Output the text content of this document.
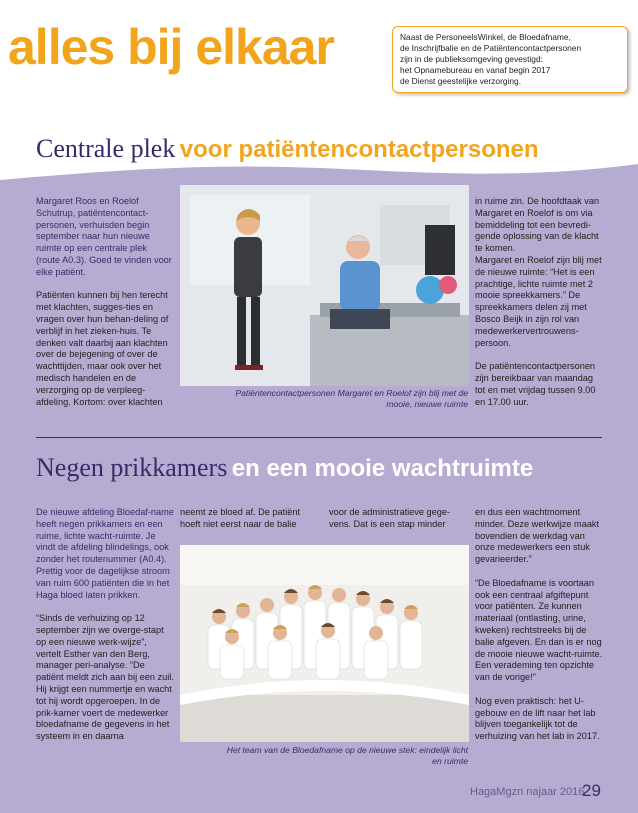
alles bij elkaar	Naast de PersoneelsWinkel, de Bloedafname,
de Inschrijfbalie en de Patiëntencontactpersonen
zijn in de publieksomgeving gevestigd:
het Opnamebureau en vanaf begin 2017
de Dienst geestelijke verzorging.
Centrale plek voor patiëntencontactpersonen

Margaret Roos en Roelof Schutrup, patiëntencontact-personen, verhuisden begin september naar hun nieuwe ruimte op een centrale plek (route A0.3). Goed te vinden voor elke patiënt.

Patiënten kunnen bij hen terecht met klachten, sugges-ties en vragen over hun behan-deling of verblijf in het zieken-huis. Te denken valt daarbij aan klachten over de bejegening of over de wachttijden, maar ook over het medisch handelen en de verzorging op de verpleeg-afdeling. Kortom: over klachten

Patiëntencontactpersonen Margaret en Roelof zijn blij met de mooie, nieuwe ruimte

in ruime zin. De hoofdtaak van Margaret en Roelof is om via bemiddeling tot een bevredi-gende oplossing van de klacht te komen.

Margaret en Roelof zijn blij met de nieuwe ruimte: “Het is een prachtige, lichte ruimte met 2 mooie spreekkamers.” De spreekkamers delen zij met Bosco Beijk in zijn rol van medewerkervertrouwens-persoon.

De patiëntencontactpersonen zijn bereikbaar van maandag tot en met vrijdag tussen 9.00 en 17.00 uur.

Negen prikkamers en een mooie wachtruimte

De nieuwe afdeling Bloedaf-name heeft negen prikkamers en een ruime, lichte wacht-ruimte. Je vindt de afdeling blindelings, ook zonder het routenummer (A0.4). Prettig voor de dagelijkse stroom van ruim 600 patiënten die in het Haga bloed laten prikken.

“Sinds de verhuizing op 12 september zijn we overge-stapt op een nieuwe werk-wijze”, vertelt Esther van den Berg, manager peri-analyse. “De patiënt meldt zich aan bij een zuil. Hij krijgt een nummertje en wacht tot hij wordt opgeroepen. In de prik-kamer voert de medewerker bloedafname de gegevens in het systeem in en daarna

neemt ze bloed af. De patiënt hoeft niet eerst naar de balie

voor de administratieve gege-vens. Dat is een stap minder

Het team van de Bloedafname op de nieuwe stek: eindelijk licht en ruimte

en dus een wachtmoment minder. Deze werkwijze maakt bovendien de werkdag van onze medewerkers een stuk gevarieerder.”

“De Bloedafname is voortaan ook een centraal afgiftepunt voor patiënten. Ze kunnen materiaal (ontlasting, urine, kweken) rechtstreeks bij de balie afgeven. En dan is er nog de mooie nieuwe wacht-ruimte. Een verademing ten opzichte van de vorige!”

Nog even praktisch: het U-gebouw en de lift naar het lab blijven toegankelijk tot de verhuizing van het lab in 2017.

HagaMgzn najaar 2016
29
